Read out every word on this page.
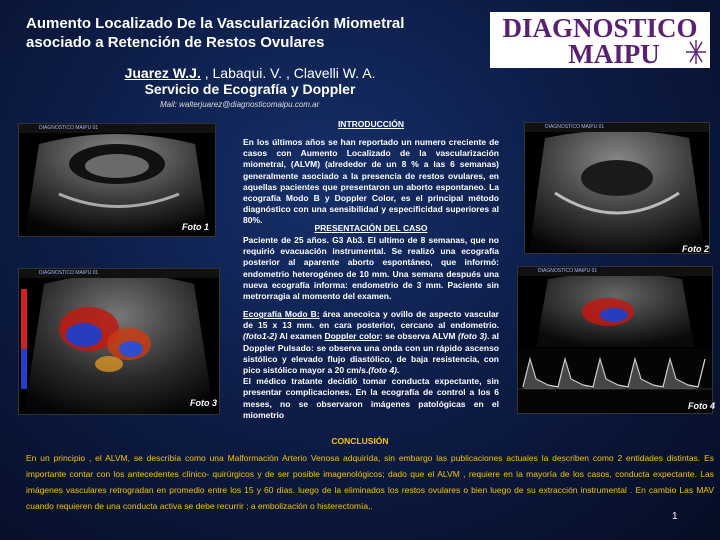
Aumento Localizado De la Vascularización Miometral asociado a Retención de Restos Ovulares	DIAGNOSTICO
MAIPU
Juarez W.J. , Labaqui. V. , Clavelli W. A.
Servicio de Ecografía y Doppler
Mail: walterjuarez@diagnosticomaipu.com.ar
DIAGNOSTICO MAIPU 01
Foto 1
DIAGNOSTICO MAIPU 01
Foto 3
DIAGNOSTICO MAIPU 01
Foto 2
DIAGNOSTICO MAIPU 01
Foto 4
INTRODUCCIÓN
En los últimos años se han reportado un numero creciente de casos con Aumento Localizado de la vascularización miometral, (ALVM) (alrededor de un 8 % a las 6 semanas) generalmente asociado a la presencia de restos ovulares, en aquellas pacientes que presentaron un aborto espontaneo. La ecografía Modo B y Doppler Color, es el principal método diagnóstico con una sensibilidad y especificidad superiores al 80%.
PRESENTACIÓN DEL CASO
Paciente de 25 años. G3 Ab3. El ultimo de 8 semanas, que no requirió evacuación instrumental. Se realizó una ecografía posterior al aparente aborto espontáneo, que informó: endometrio heterogéneo de 10 mm. Una semana después una nueva ecografía informa: endometrio de 3 mm. Paciente sin metrorragia al momento del examen.
Ecografía Modo B: área anecoica y ovillo de aspecto vascular de 15 x 13 mm. en cara posterior, cercano al endometrio. (foto1-2) Al examen Doppler color: se observa ALVM (foto 3). al Doppler Pulsado: se observa una onda con un rápido ascenso sistólico y elevado flujo diastólico, de baja resistencia, con pico sistólico mayor a 20 cm/s.(foto 4).
El médico tratante decidió tomar conducta expectante, sin presentar complicaciones. En la ecografía de control a los 6 meses, no se observaron imágenes patológicas en el miometrio
CONCLUSIÓN
En un principio , el ALVM, se describía como una Malformación Arterio Venosa adquirida, sin embargo las publicaciones actuales la describen como 2 entidades distintas. Es importante contar con los antecedentes clínico- quirúrgicos y de ser posible imagenológicos; dado que el ALVM , requiere en la mayoría de los casos, conducta expectante. Las imágenes vasculares retrogradan en promedio entre los 15 y 60 días. luego de la eliminados los restos ovulares o bien luego de su extracción instrumental . En cambio Las MAV cuando requieren de una conducta activa se debe recurrir ; a embolización o histerectomía,.
1
